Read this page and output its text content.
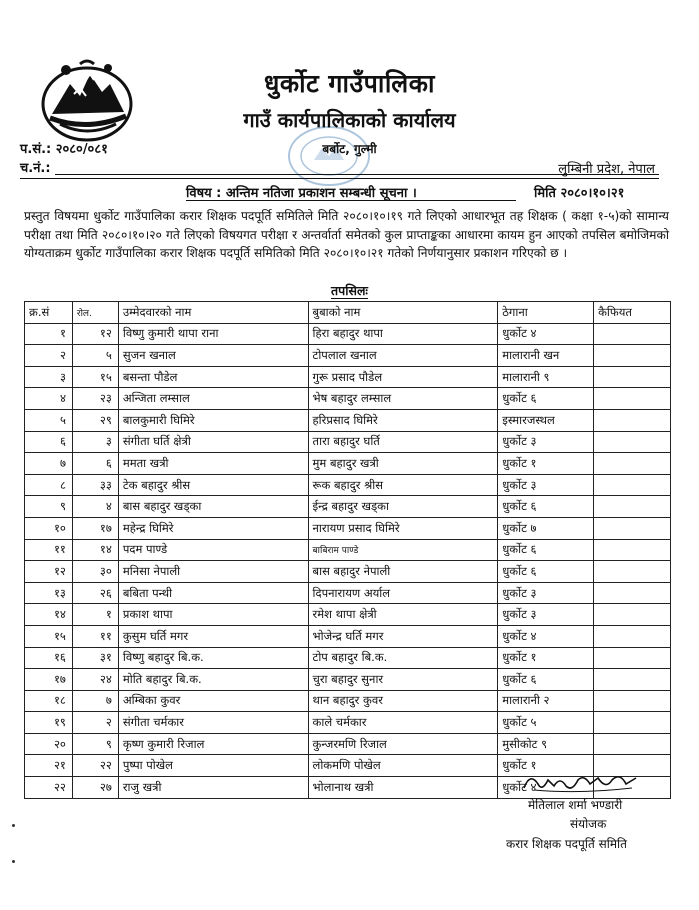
धुर्कोट गाउँपालिका
गाउँ कार्यपालिकाको कार्यालय
बर्बोट, गुल्मी
प.सं.: २०८०/०८१
च.नं.:	लुम्बिनी प्रदेश, नेपाल
विषय : अन्तिम नतिजा प्रकाशन सम्बन्धी सूचना ।	मिति २०८०।१०।२१
प्रस्तुत विषयमा धुर्कोट गाउँपालिका करार शिक्षक पदपूर्ति समितिले मिति २०८०।१०।१९ गते लिएको आधारभूत तह शिक्षक ( कक्षा १-५)को सामान्य परीक्षा तथा मिति २०८०।१०।२० गते लिएको विषयगत परीक्षा र अन्तर्वार्ता समेतको कुल प्राप्ताङ्कका आधारमा कायम हुन आएको तपसिल बमोजिमको योग्यताक्रम धुर्कोट गाउँपालिका करार शिक्षक पदपूर्ति समितिको मिति २०८०।१०।२१ गतेको निर्णयानुसार प्रकाशन गरिएको छ ।
तपसिलः
क्र.सं	रोल.	उम्मेदवारको नाम	बुबाको नाम	ठेगाना	कैफियत
१	१२	विष्णु कुमारी थापा राना	हिरा बहादुर थापा	धुर्कोट ४	
२	५	सुजन खनाल	टोपलाल खनाल	मालारानी खन	
३	१५	बसन्ता पौडेल	गुरू प्रसाद पौडेल	मालारानी ९	
४	२३	अन्जिता लम्साल	भेष बहादुर लम्साल	धुर्कोट ६	
५	२९	बालकुमारी घिमिरे	हरिप्रसाद घिमिरे	इस्मारजस्थल	
६	३	संगीता घर्ति क्षेत्री	तारा बहादुर घर्ति	धुर्कोट ३	
७	६	ममता खत्री	मुम बहादुर खत्री	धुर्कोट १	
८	३३	टेक बहादुर श्रीस	रूक बहादुर श्रीस	धुर्कोट ३	
९	४	बास बहादुर खड्का	ईन्द्र बहादुर खड्का	धुर्कोट ६	
१०	१७	महेन्द्र घिमिरे	नारायण प्रसाद घिमिरे	धुर्कोट ७	
११	१४	पदम पाण्डे	बाबिराम पाण्डे	धुर्कोट ६	
१२	३०	मनिसा नेपाली	बास बहादुर नेपाली	धुर्कोट ६	
१३	२६	बबिता पन्थी	दिपनारायण अर्याल	धुर्कोट ३	
१४	१	प्रकाश थापा	रमेश थापा क्षेत्री	धुर्कोट ३	
१५	११	कुसुम घर्ति मगर	भोजेन्द्र घर्ति मगर	धुर्कोट ४	
१६	३१	विष्णु बहादुर बि.क.	टोप बहादुर बि.क.	धुर्कोट १	
१७	२४	मोति बहादुर बि.क.	चुरा बहादुर सुनार	धुर्कोट ६	
१८	७	अम्बिका कुवर	थान बहादुर कुवर	मालारानी २	
१९	२	संगीता चर्मकार	काले चर्मकार	धुर्कोट ५	
२०	९	कृष्ण कुमारी रिजाल	कुन्जरमणि रिजाल	मुसीकोट ९	
२१	२२	पुष्पा पोखेल	लोकमणि पोखेल	धुर्कोट १	
२२	२७	राजु खत्री	भोलानाथ खत्री	धुर्कोट ४	
मेतिलाल शर्मा भण्डारी
संयोजक
करार शिक्षक पदपूर्ति समिति
